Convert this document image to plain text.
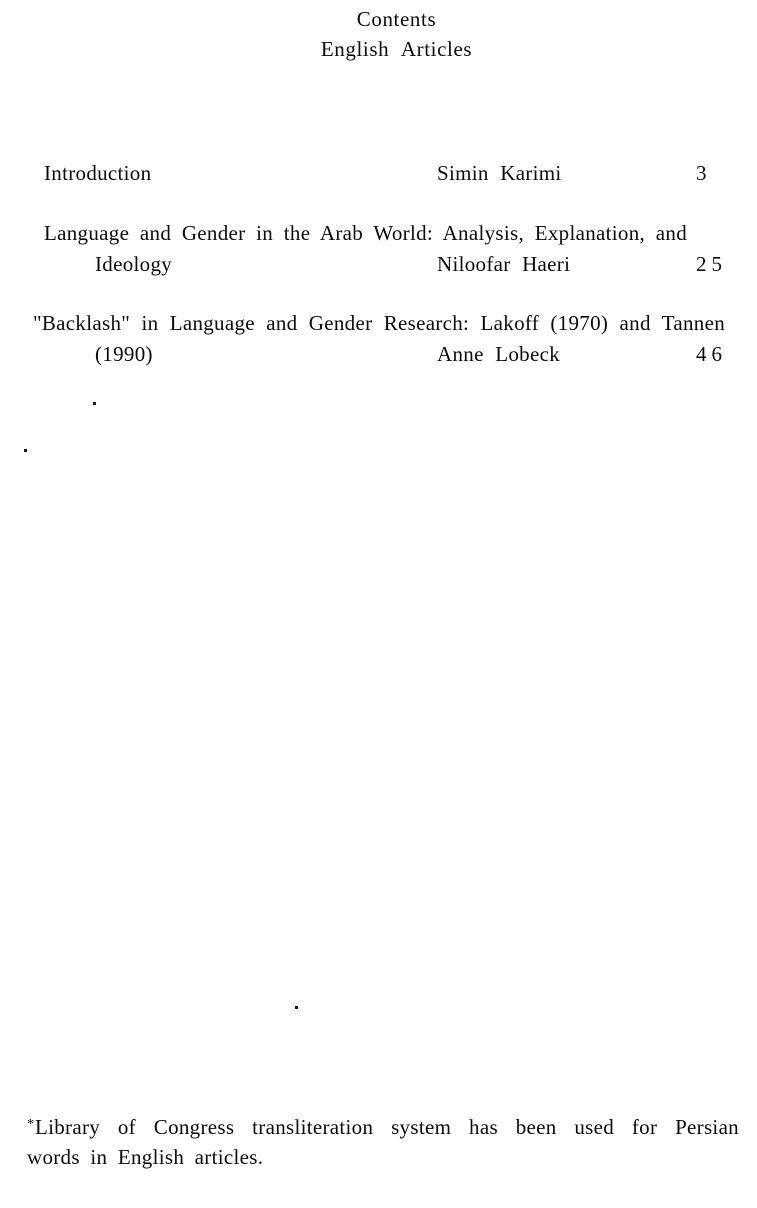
Contents
English Articles
Introduction	Simin Karimi	3
Language and Gender in the Arab World: Analysis, Explanation, and
Ideology	Niloofar Haeri	25
"Backlash" in Language and Gender Research: Lakoff (1970) and Tannen
(1990)	Anne Lobeck	46
*Library of Congress transliteration system has been used for Persian
words in English articles.
